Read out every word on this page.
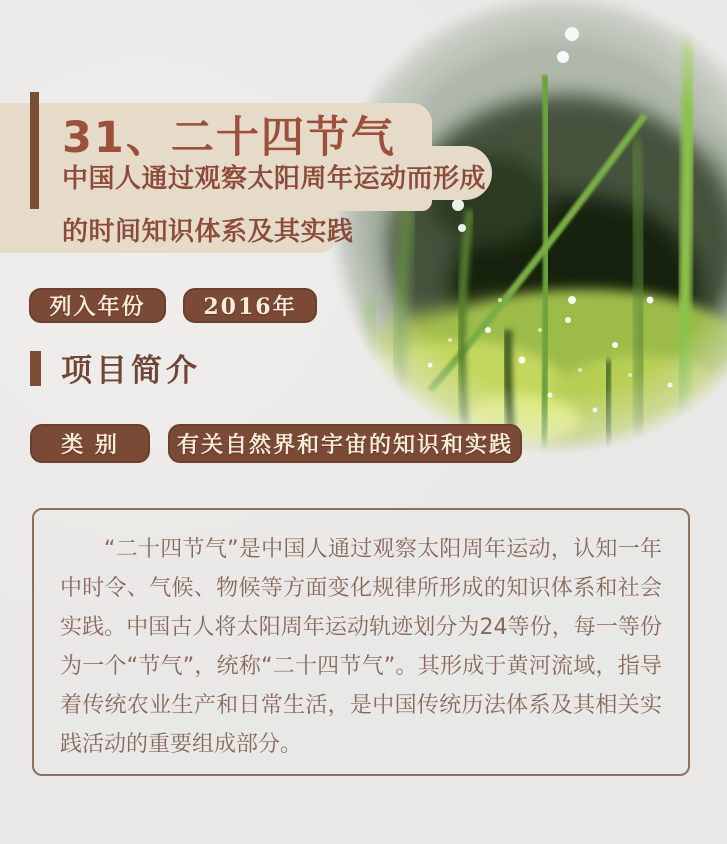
31、二十四节气

中国人通过观察太阳周年运动而形成

的时间知识体系及其实践

列入年份	2016年
项目简介
类 别	有关自然界和宇宙的知识和实践

“二十四节气”是中国人通过观察太阳周年运动，认知一年中时令、气候、物候等方面变化规律所形成的知识体系和社会实践。中国古人将太阳周年运动轨迹划分为24等份，每一等份为一个“节气”，统称“二十四节气”。其形成于黄河流域，指导着传统农业生产和日常生活，是中国传统历法体系及其相关实践活动的重要组成部分。
